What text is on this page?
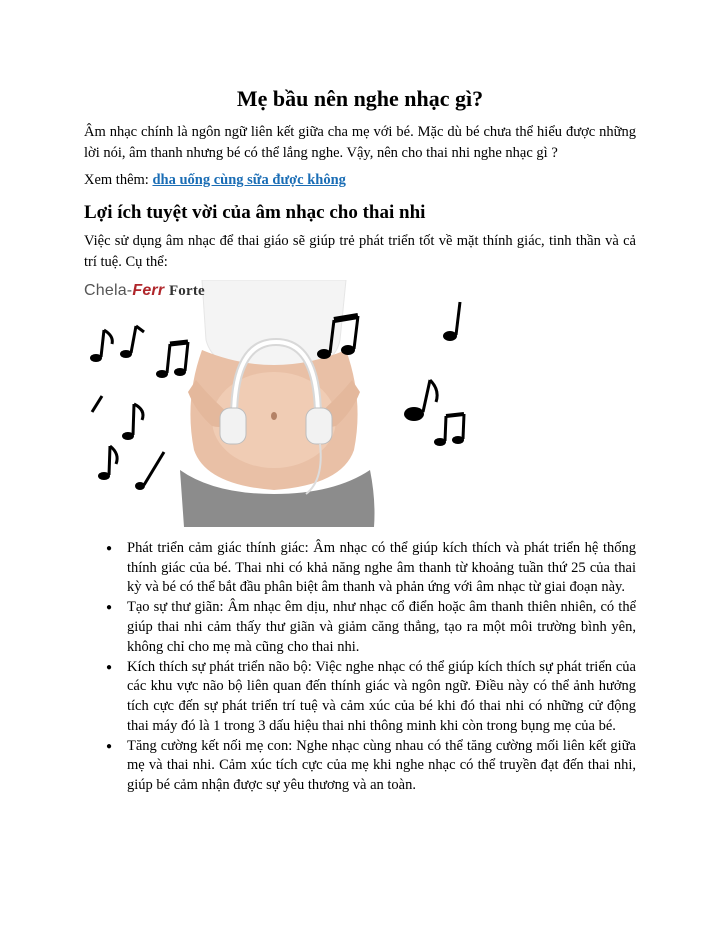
Mẹ bầu nên nghe nhạc gì?

Âm nhạc chính là ngôn ngữ liên kết giữa cha mẹ với bé. Mặc dù bé chưa thể hiểu được những lời nói, âm thanh nhưng bé có thể lắng nghe. Vậy, nên cho thai nhi nghe nhạc gì ?

Xem thêm: dha uống cùng sữa được không

Lợi ích tuyệt vời của âm nhạc cho thai nhi

Việc sử dụng âm nhạc để thai giáo sẽ giúp trẻ phát triển tốt về mặt thính giác, tinh thần và cả trí tuệ. Cụ thể:

Chela-Ferr Forte
● Phát triển cảm giác thính giác: Âm nhạc có thể giúp kích thích và phát triển hệ thống thính giác của bé. Thai nhi có khả năng nghe âm thanh từ khoảng tuần thứ 25 của thai kỳ và bé có thể bắt đầu phân biệt âm thanh và phản ứng với âm nhạc từ giai đoạn này.
● Tạo sự thư giãn: Âm nhạc êm dịu, như nhạc cổ điển hoặc âm thanh thiên nhiên, có thể giúp thai nhi cảm thấy thư giãn và giảm căng thẳng, tạo ra một môi trường bình yên, không chỉ cho mẹ mà cũng cho thai nhi.
● Kích thích sự phát triển não bộ: Việc nghe nhạc có thể giúp kích thích sự phát triển của các khu vực não bộ liên quan đến thính giác và ngôn ngữ. Điều này có thể ảnh hưởng tích cực đến sự phát triển trí tuệ và cảm xúc của bé khi đó thai nhi có những cử động thai máy đó là 1 trong 3 dấu hiệu thai nhi thông minh khi còn trong bụng mẹ của bé.
● Tăng cường kết nối mẹ con: Nghe nhạc cùng nhau có thể tăng cường mối liên kết giữa mẹ và thai nhi. Cảm xúc tích cực của mẹ khi nghe nhạc có thể truyền đạt đến thai nhi, giúp bé cảm nhận được sự yêu thương và an toàn.
